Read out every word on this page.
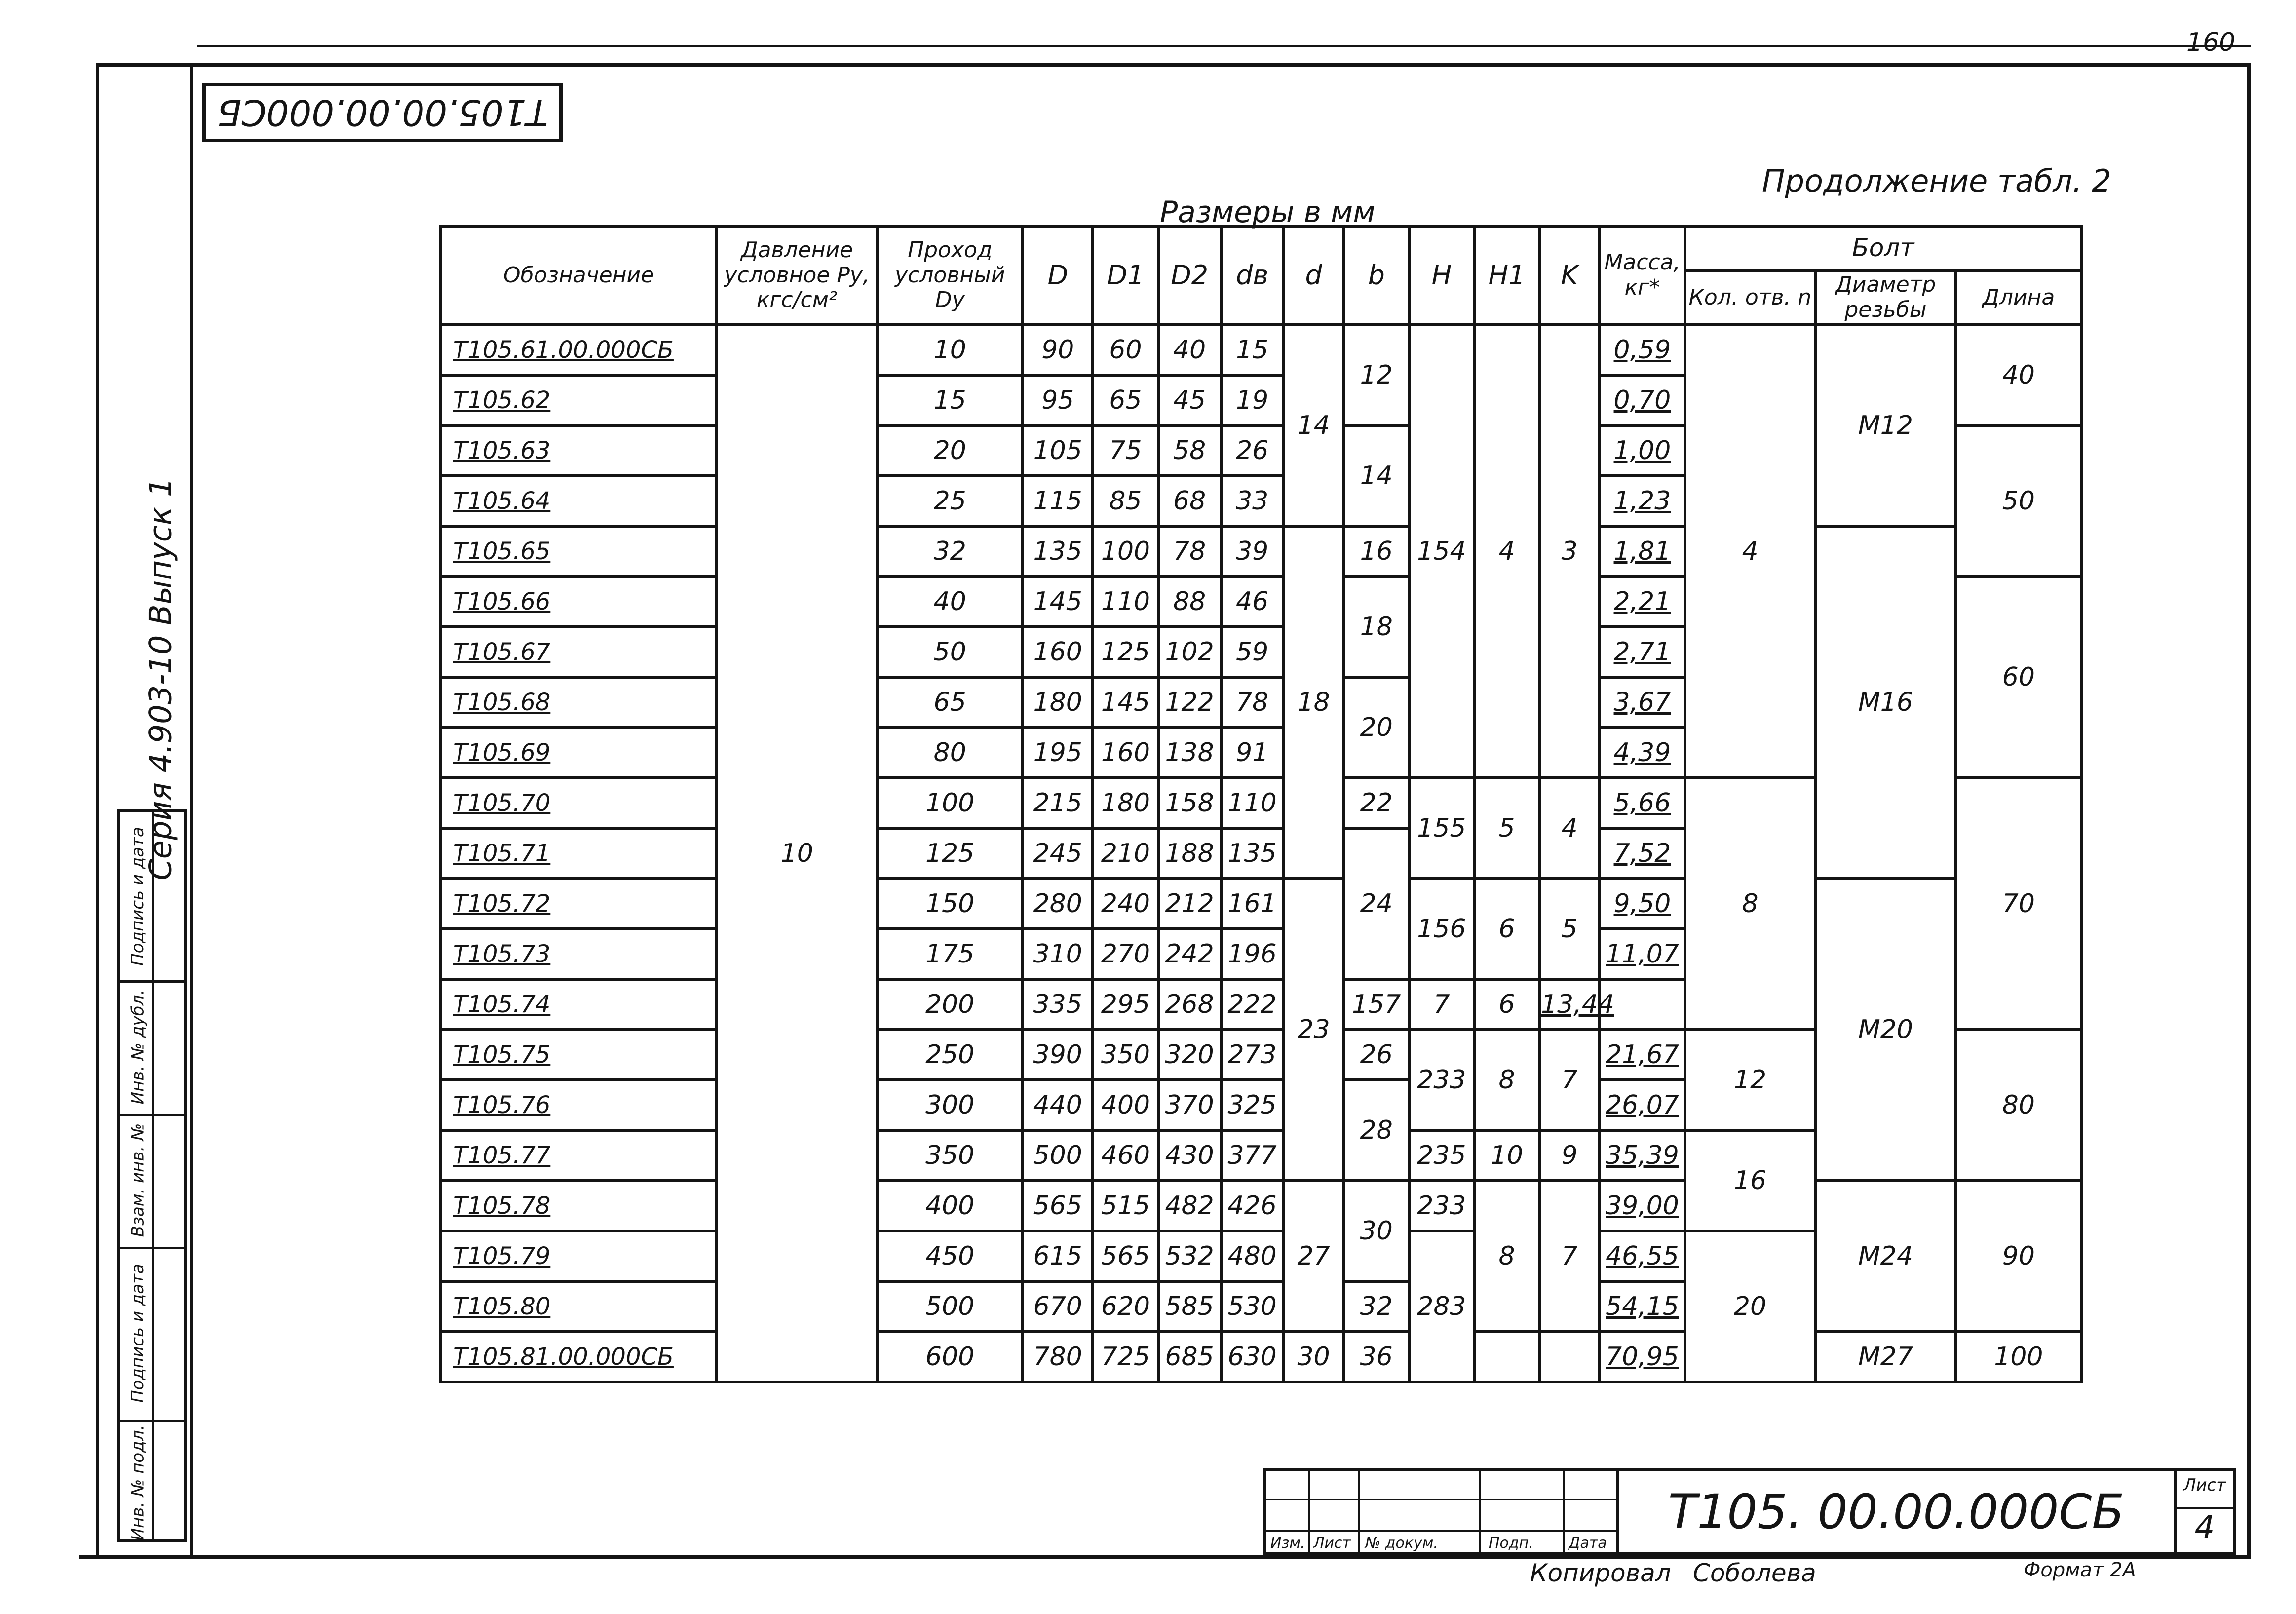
160
Т105.00.00.000СБ
Продолжение табл. 2
Размеры в мм
Серия 4.903-10 Выпуск 1
Инв. № подл.
Подпись и дата
Взам. инв. №
Инв. № дубл.
Подпись и дата
Обозначение	Давление условное Ру, кгс/см²	Проход условный Dу	D	D1	D2	dв	d	b	H	H1	K	Масса, кг*	Болт		
													Кол. отв. n	Диаметр резьбы	Длина
Т105.61.00.000СБ	10	10	90	60	40	15	14	12	154	4	3	0,59	4	М12	40
Т105.62		15	95	65	45	19						0,70			
Т105.63		20	105	75	58	26		14				1,00			50
Т105.64		25	115	85	68	33						1,23			
Т105.65		32	135	100	78	39	18	16				1,81		М16	
Т105.66		40	145	110	88	46		18				2,21			60
Т105.67		50	160	125	102	59						2,71			
Т105.68		65	180	145	122	78		20				3,67			
Т105.69		80	195	160	138	91						4,39			
Т105.70		100	215	180	158	110		22	155	5	4	5,66	8		70
Т105.71		125	245	210	188	135		24				7,52			
Т105.72		150	280	240	212	161	23		156	6	5	9,50		М20	
Т105.73		175	310	270	242	196						11,07			
Т105.74		200	335	295	268	222		157	7	6	13,44				
Т105.75		250	390	350	320	273		26	233	8	7	21,67	12		80
Т105.76		300	440	400	370	325		28				26,07			
Т105.77		350	500	460	430	377			235	10	9	35,39	16		
Т105.78		400	565	515	482	426	27	30	233	8	7	39,00		М24	90
Т105.79		450	615	565	532	480			283			46,55	20		
Т105.80		500	670	620	585	530		32				54,15			
Т105.81.00.000СБ		600	780	725	685	630	30	36				70,95		М27	100
Изм. Лист № докум.	Подп. Дата
Т105. 00.00.000СБ	Лист
4
Копировал Соболева	Формат 2А
